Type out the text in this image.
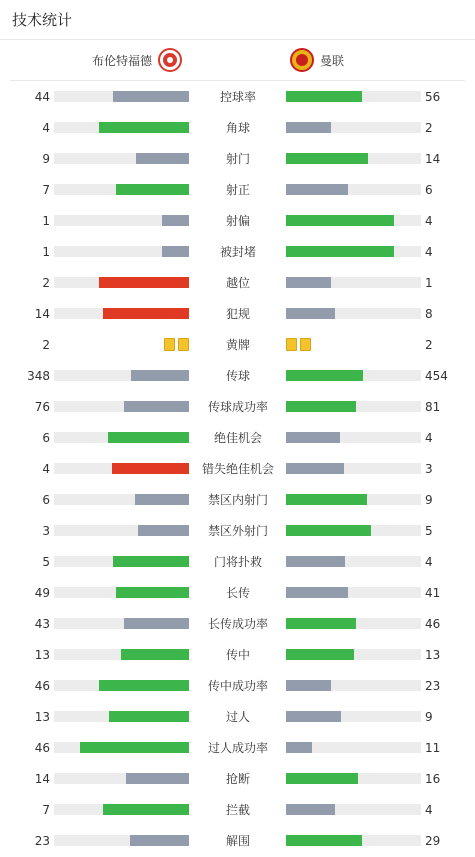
技术统计
布伦特福德	曼联
44	控球率	56
4	角球	2
9	射门	14
7	射正	6
1	射偏	4
1	被封堵	4
2	越位	1
14	犯规	8
2	黄牌	2
348	传球	454
76	传球成功率	81
6	绝佳机会	4
4	错失绝佳机会	3
6	禁区内射门	9
3	禁区外射门	5
5	门将扑救	4
49	长传	41
43	长传成功率	46
13	传中	13
46	传中成功率	23
13	过人	9
46	过人成功率	11
14	抢断	16
7	拦截	4
23	解围	29
